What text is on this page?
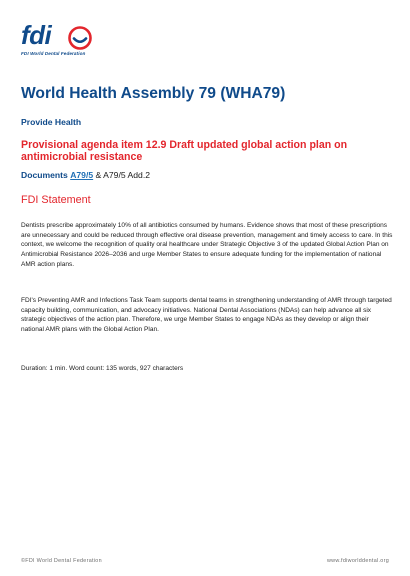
fdi
FDI World Dental Federation
World Health Assembly 79 (WHA79)
Provide Health
Provisional agenda item 12.9 Draft updated global action plan on antimicrobial resistance
Documents A79/5 & A79/5 Add.2
FDI Statement

Dentists prescribe approximately 10% of all antibiotics consumed by humans. Evidence shows that most of these prescriptions are unnecessary and could be reduced through effective oral disease prevention, management and timely access to care. In this context, we welcome the recognition of quality oral healthcare under Strategic Objective 3 of the updated Global Action Plan on Antimicrobial Resistance 2026–2036 and urge Member States to ensure adequate funding for the implementation of national AMR action plans.

FDI's Preventing AMR and Infections Task Team supports dental teams in strengthening understanding of AMR through targeted capacity building, communication, and advocacy initiatives. National Dental Associations (NDAs) can help advance all six strategic objectives of the action plan. Therefore, we urge Member States to engage NDAs as they develop or align their national AMR plans with the Global Action Plan.

Duration: 1 min. Word count: 135 words, 927 characters
©FDI World Dental Federation	www.fdiworlddental.org
